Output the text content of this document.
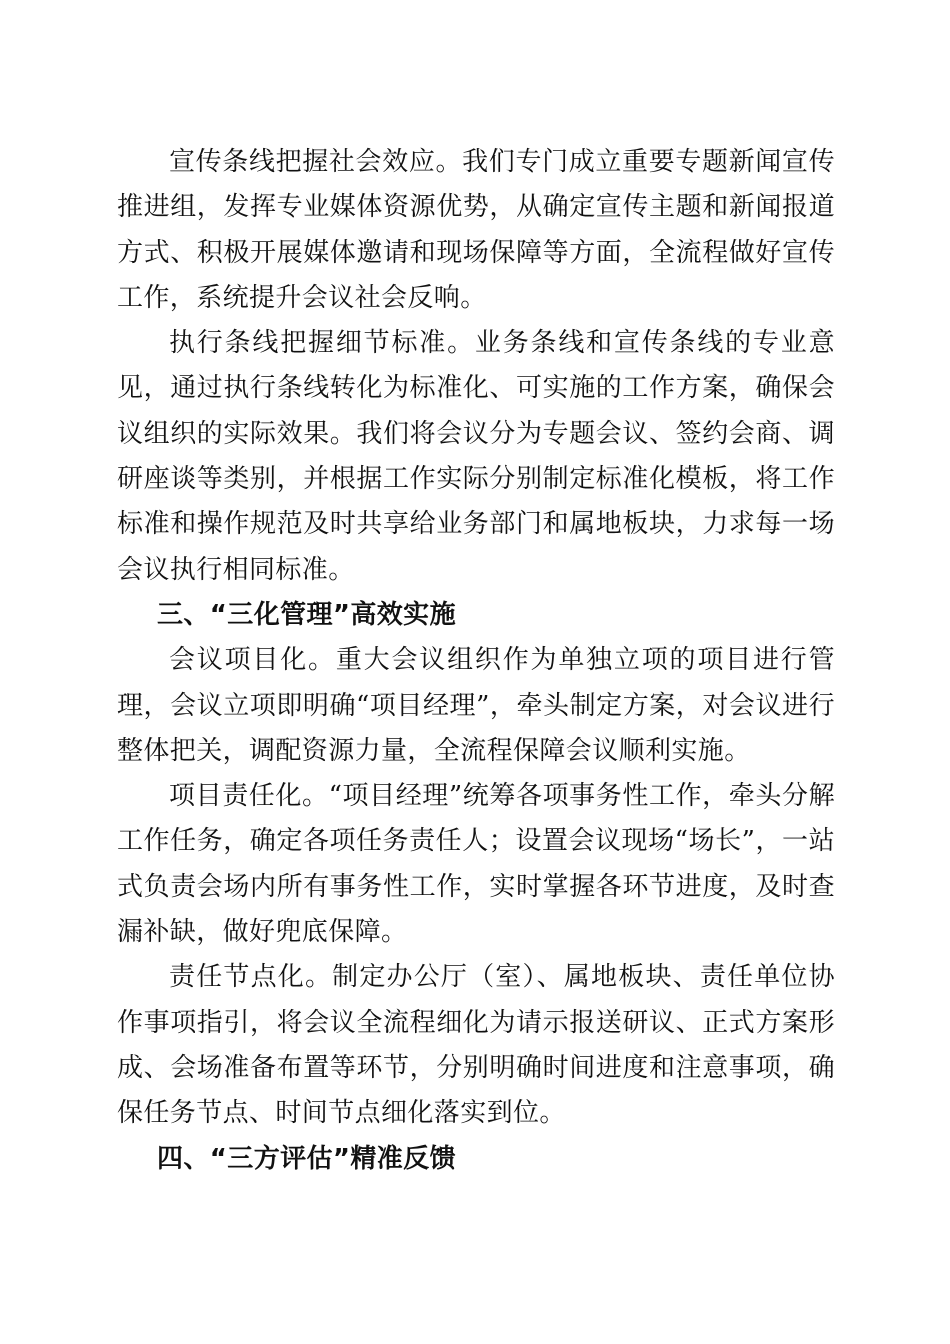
宣传条线把握社会效应。我们专门成立重要专题新闻宣传推进组，发挥专业媒体资源优势，从确定宣传主题和新闻报道方式、积极开展媒体邀请和现场保障等方面，全流程做好宣传工作，系统提升会议社会反响。

执行条线把握细节标准。业务条线和宣传条线的专业意见，通过执行条线转化为标准化、可实施的工作方案，确保会议组织的实际效果。我们将会议分为专题会议、签约会商、调研座谈等类别，并根据工作实际分别制定标准化模板，将工作标准和操作规范及时共享给业务部门和属地板块，力求每一场会议执行相同标准。

三、“三化管理”高效实施

会议项目化。重大会议组织作为单独立项的项目进行管理，会议立项即明确“项目经理”，牵头制定方案，对会议进行整体把关，调配资源力量，全流程保障会议顺利实施。

项目责任化。“项目经理”统筹各项事务性工作，牵头分解工作任务，确定各项任务责任人；设置会议现场“场长”，一站式负责会场内所有事务性工作，实时掌握各环节进度，及时查漏补缺，做好兜底保障。

责任节点化。制定办公厅（室）、属地板块、责任单位协作事项指引，将会议全流程细化为请示报送研议、正式方案形成、会场准备布置等环节，分别明确时间进度和注意事项，确保任务节点、时间节点细化落实到位。

四、“三方评估”精准反馈
